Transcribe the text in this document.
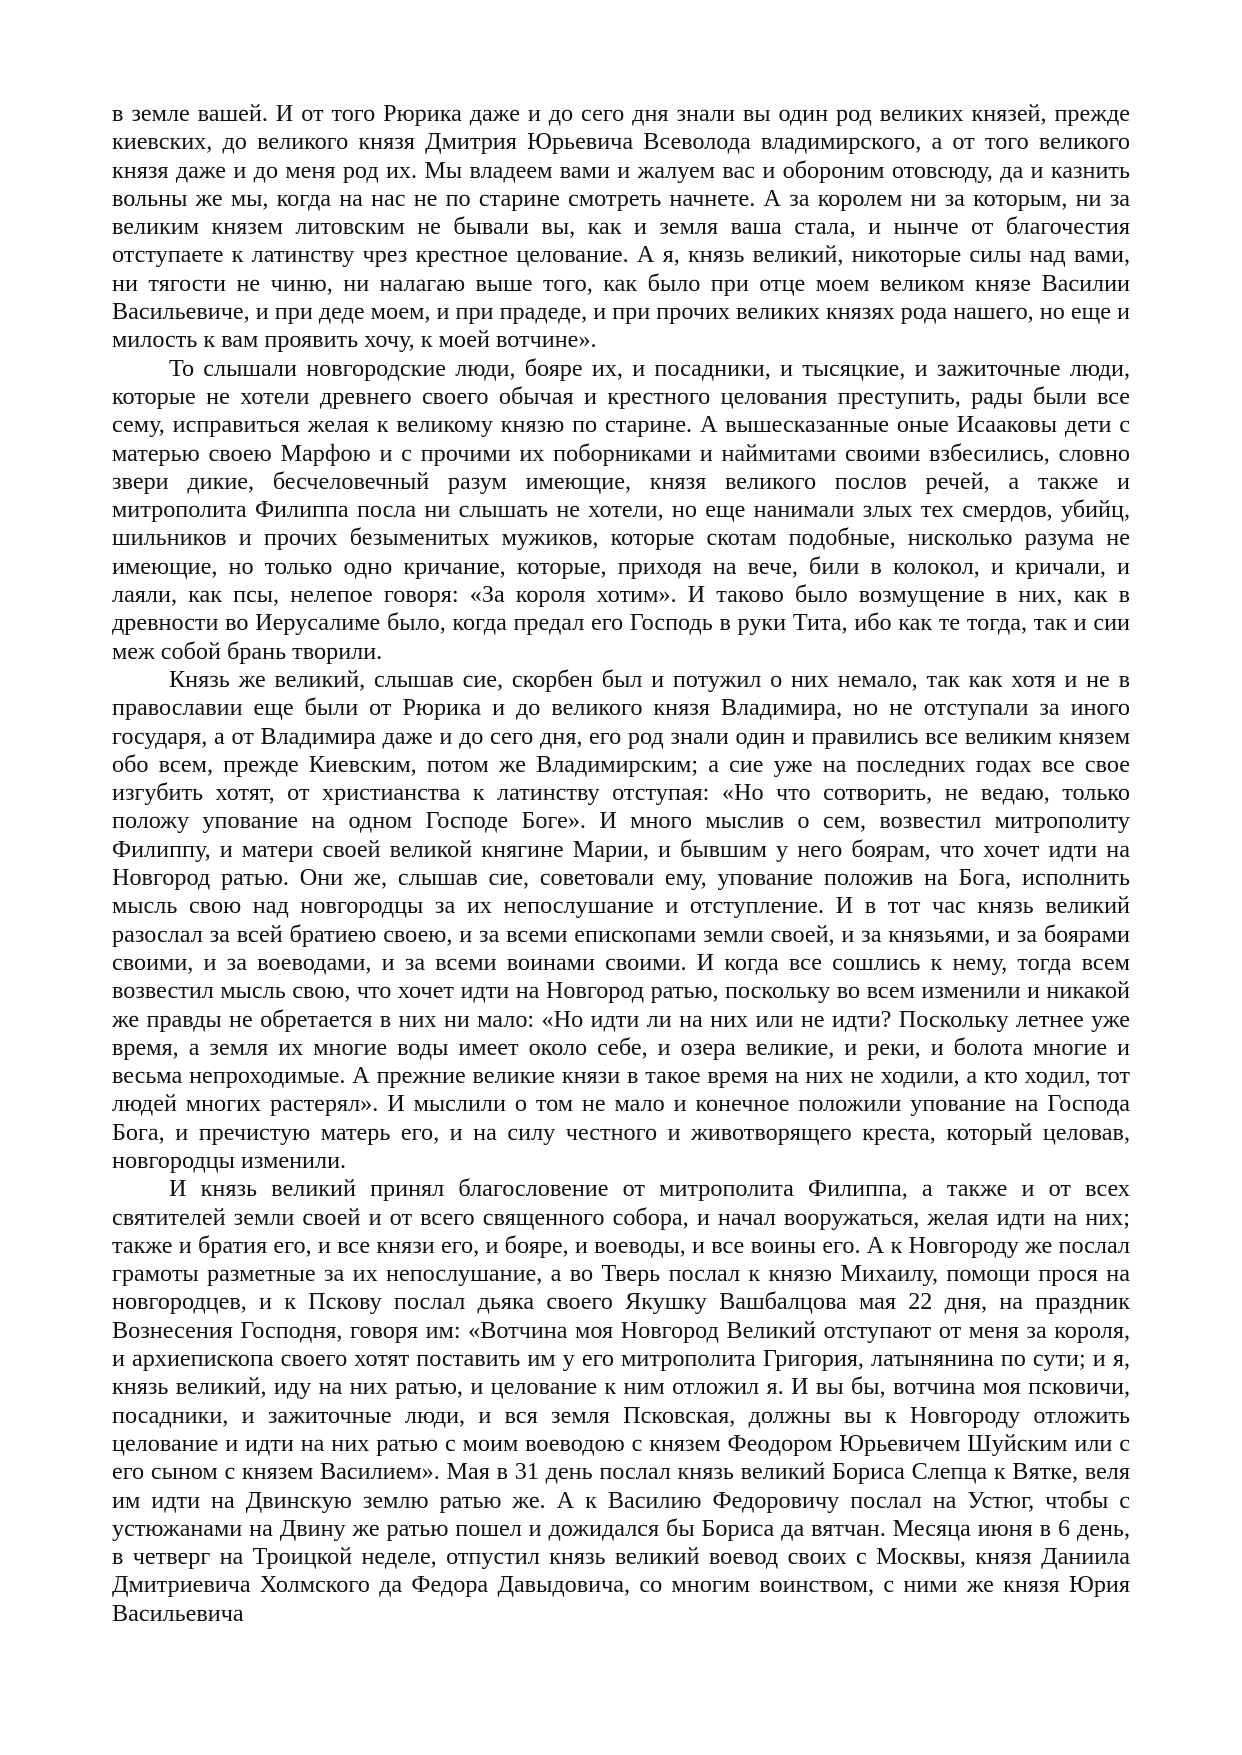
в земле вашей. И от того Рюрика даже и до сего дня знали вы один род великих князей, прежде киевских, до великого князя Дмитрия Юрьевича Всеволода владимирского, а от того великого князя даже и до меня род их. Мы владеем вами и жалуем вас и обороним отовсюду, да и казнить вольны же мы, когда на нас не по старине смотреть начнете. А за королем ни за которым, ни за великим князем литовским не бывали вы, как и земля ваша стала, и нынче от благочестия отступаете к латинству чрез крестное целование. А я, князь великий, никоторые силы над вами, ни тягости не чиню, ни налагаю выше того, как было при отце моем великом князе Василии Васильевиче, и при деде моем, и при прадеде, и при прочих великих князях рода нашего, но еще и милость к вам проявить хочу, к моей вотчине».

То слышали новгородские люди, бояре их, и посадники, и тысяцкие, и зажиточные люди, которые не хотели древнего своего обычая и крестного целования преступить, рады были все сему, исправиться желая к великому князю по старине. А вышесказанные оные Исааковы дети с матерью своею Марфою и с прочими их поборниками и наймитами своими взбесились, словно звери дикие, бесчеловечный разум имеющие, князя великого послов речей, а также и митрополита Филиппа посла ни слышать не хотели, но еще нанимали злых тех смердов, убийц, шильников и прочих безыменитых мужиков, которые скотам подобные, нисколько разума не имеющие, но только одно кричание, которые, приходя на вече, били в колокол, и кричали, и лаяли, как псы, нелепое говоря: «За короля хотим». И таково было возмущение в них, как в древности во Иерусалиме было, когда предал его Господь в руки Тита, ибо как те тогда, так и сии меж собой брань творили.

Князь же великий, слышав сие, скорбен был и потужил о них немало, так как хотя и не в православии еще были от Рюрика и до великого князя Владимира, но не отступали за иного государя, а от Владимира даже и до сего дня, его род знали один и правились все великим князем обо всем, прежде Киевским, потом же Владимирским; а сие уже на последних годах все свое изгубить хотят, от христианства к латинству отступая: «Но что сотворить, не ведаю, только положу упование на одном Господе Боге». И много мыслив о сем, возвестил митрополиту Филиппу, и матери своей великой княгине Марии, и бывшим у него боярам, что хочет идти на Новгород ратью. Они же, слышав сие, советовали ему, упование положив на Бога, исполнить мысль свою над новгородцы за их непослушание и отступление. И в тот час князь великий разослал за всей братиею своею, и за всеми епископами земли своей, и за князьями, и за боярами своими, и за воеводами, и за всеми воинами своими. И когда все сошлись к нему, тогда всем возвестил мысль свою, что хочет идти на Новгород ратью, поскольку во всем изменили и никакой же правды не обретается в них ни мало: «Но идти ли на них или не идти? Поскольку летнее уже время, а земля их многие воды имеет около себе, и озера великие, и реки, и болота многие и весьма непроходимые. А прежние великие князи в такое время на них не ходили, а кто ходил, тот людей многих растерял». И мыслили о том не мало и конечное положили упование на Господа Бога, и пречистую матерь его, и на силу честного и животворящего креста, который целовав, новгородцы изменили.

И князь великий принял благословение от митрополита Филиппа, а также и от всех святителей земли своей и от всего священного собора, и начал вооружаться, желая идти на них; также и братия его, и все князи его, и бояре, и воеводы, и все воины его. А к Новгороду же послал грамоты разметные за их непослушание, а во Тверь послал к князю Михаилу, помощи прося на новгородцев, и к Пскову послал дьяка своего Якушку Вашбалцова мая 22 дня, на праздник Вознесения Господня, говоря им: «Вотчина моя Новгород Великий отступают от меня за короля, и архиепископа своего хотят поставить им у его митрополита Григория, латынянина по сути; и я, князь великий, иду на них ратью, и целование к ним отложил я. И вы бы, вотчина моя псковичи, посадники, и зажиточные люди, и вся земля Псковская, должны вы к Новгороду отложить целование и идти на них ратью с моим воеводою с князем Феодором Юрьевичем Шуйским или с его сыном с князем Василием». Мая в 31 день послал князь великий Бориса Слепца к Вятке, веля им идти на Двинскую землю ратью же. А к Василию Федоровичу послал на Устюг, чтобы с устюжанами на Двину же ратью пошел и дожидался бы Бориса да вятчан. Месяца июня в 6 день, в четверг на Троицкой неделе, отпустил князь великий воевод своих с Москвы, князя Даниила Дмитриевича Холмского да Федора Давыдовича, со многим воинством, с ними же князя Юрия Васильевича
